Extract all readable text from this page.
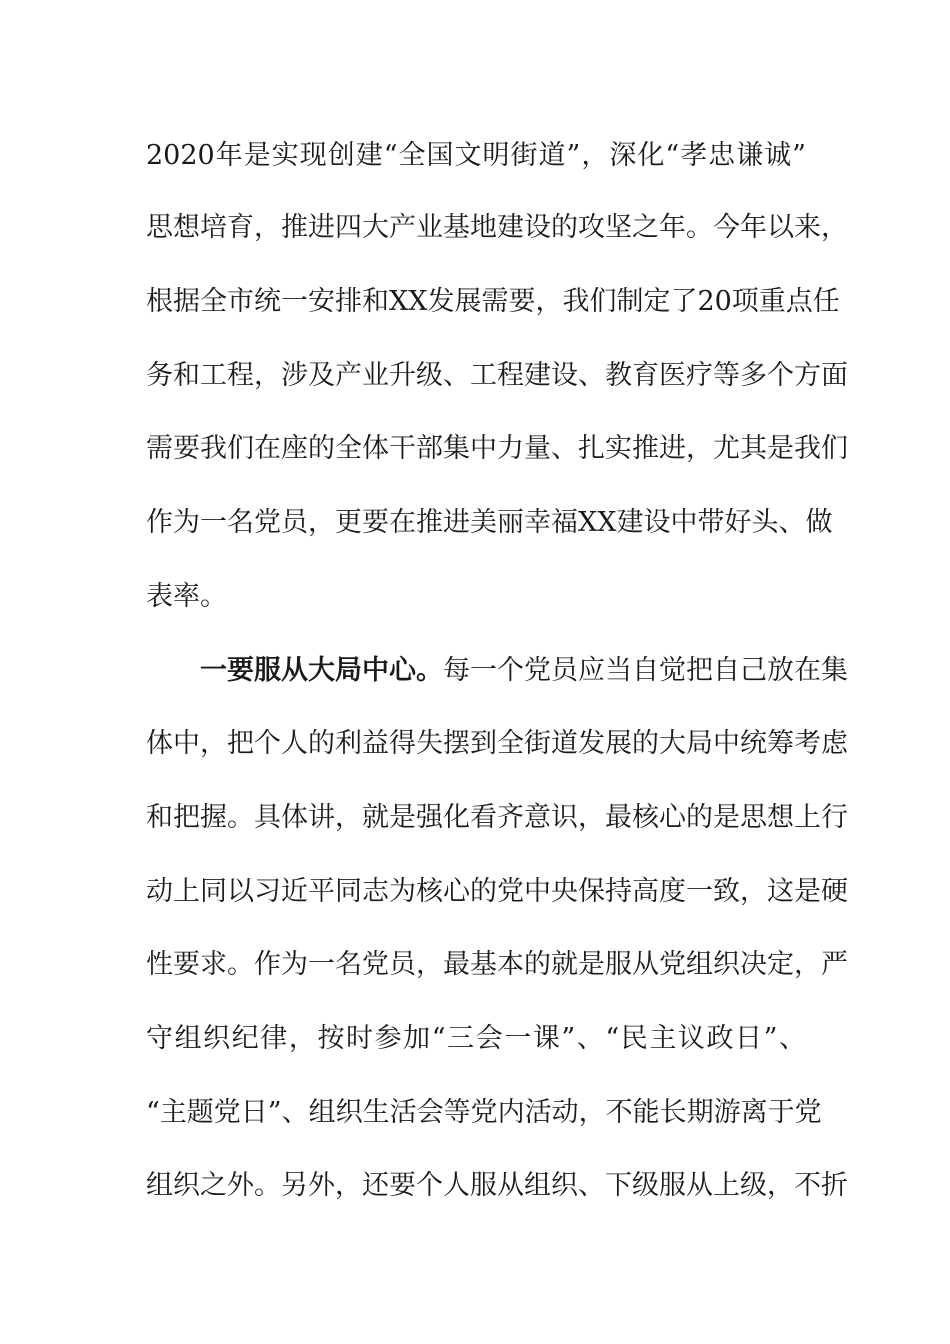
2020年是实现创建“全国文明街道”，深化“孝忠谦诚”
思想培育，推进四大产业基地建设的攻坚之年。今年以来，
根据全市统一安排和XX发展需要，我们制定了20项重点任
务和工程，涉及产业升级、工程建设、教育医疗等多个方面
需要我们在座的全体干部集中力量、扎实推进，尤其是我们
作为一名党员，更要在推进美丽幸福XX建设中带好头、做
表率。
一要服从大局中心。每一个党员应当自觉把自己放在集
体中，把个人的利益得失摆到全街道发展的大局中统筹考虑
和把握。具体讲，就是强化看齐意识，最核心的是思想上行
动上同以习近平同志为核心的党中央保持高度一致，这是硬
性要求。作为一名党员，最基本的就是服从党组织决定，严
守组织纪律，按时参加“三会一课”、“民主议政日”、
“主题党日”、组织生活会等党内活动，不能长期游离于党
组织之外。另外，还要个人服从组织、下级服从上级，不折
